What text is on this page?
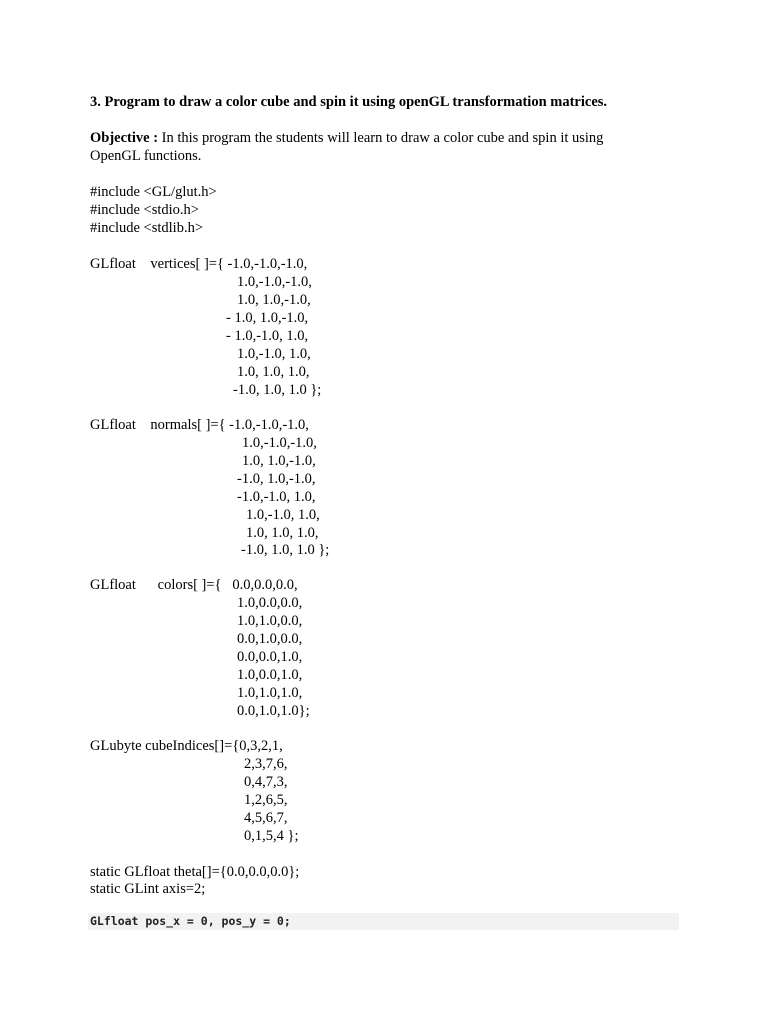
3. Program to draw a color cube and spin it using openGL transformation matrices.
Objective : In this program the students will learn to draw a color cube and spin it using
OpenGL functions.
#include <GL/glut.h>
#include <stdio.h>
#include <stdlib.h>
GLfloat    vertices[ ]={ -1.0,-1.0,-1.0,
1.0,-1.0,-1.0,
1.0, 1.0,-1.0,
- 1.0, 1.0,-1.0,
- 1.0,-1.0, 1.0,
1.0,-1.0, 1.0,
1.0, 1.0, 1.0,
-1.0, 1.0, 1.0 };
GLfloat    normals[ ]={ -1.0,-1.0,-1.0,
1.0,-1.0,-1.0,
1.0, 1.0,-1.0,
-1.0, 1.0,-1.0,
-1.0,-1.0, 1.0,
1.0,-1.0, 1.0,
1.0, 1.0, 1.0,
-1.0, 1.0, 1.0 };
GLfloat      colors[ ]={   0.0,0.0,0.0,
1.0,0.0,0.0,
1.0,1.0,0.0,
0.0,1.0,0.0,
0.0,0.0,1.0,
1.0,0.0,1.0,
1.0,1.0,1.0,
0.0,1.0,1.0};
GLubyte cubeIndices[]={0,3,2,1,
2,3,7,6,
0,4,7,3,
1,2,6,5,
4,5,6,7,
0,1,5,4 };
static GLfloat theta[]={0.0,0.0,0.0};
static GLint axis=2;
GLfloat pos_x = 0, pos_y = 0;
